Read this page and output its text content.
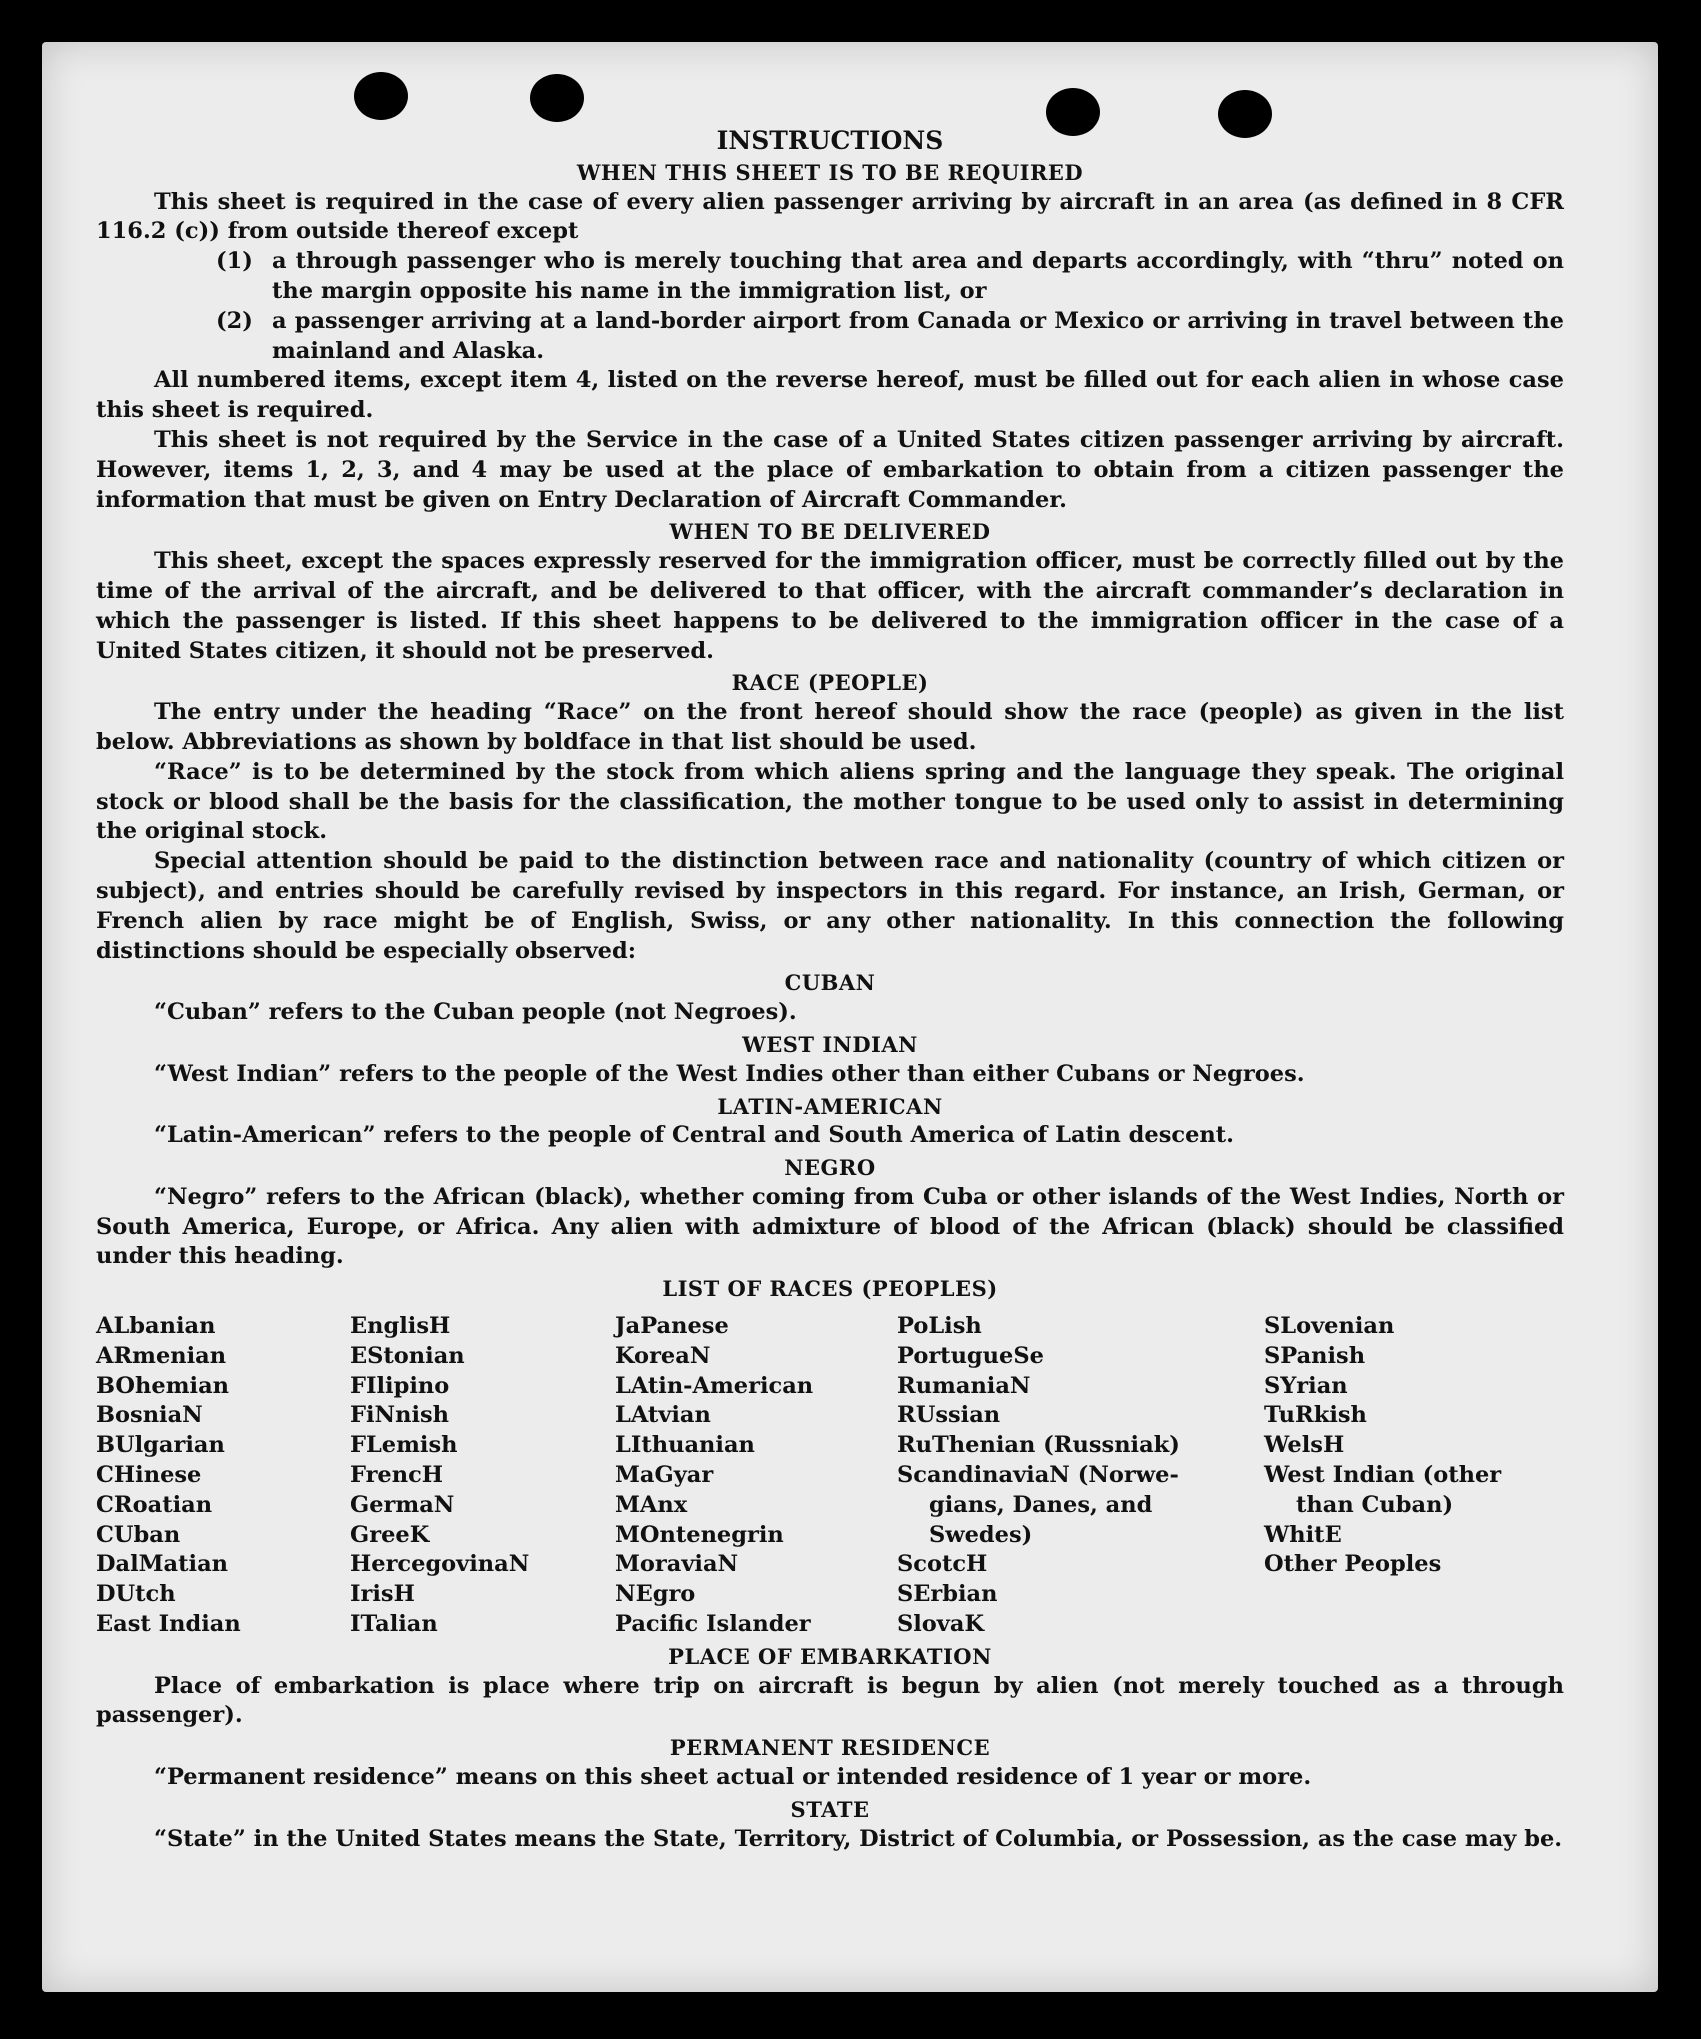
INSTRUCTIONS
WHEN THIS SHEET IS TO BE REQUIRED

This sheet is required in the case of every alien passenger arriving by aircraft in an area (as defined in 8 CFR 116.2 (c)) from outside thereof except

(1) a through passenger who is merely touching that area and departs accordingly, with “thru” noted on the margin opposite his name in the immigration list, or
(2) a passenger arriving at a land-border airport from Canada or Mexico or arriving in travel between the mainland and Alaska.

All numbered items, except item 4, listed on the reverse hereof, must be filled out for each alien in whose case this sheet is required.

This sheet is not required by the Service in the case of a United States citizen passenger arriving by aircraft. However, items 1, 2, 3, and 4 may be used at the place of embarkation to obtain from a citizen passenger the information that must be given on Entry Declaration of Aircraft Commander.

WHEN TO BE DELIVERED

This sheet, except the spaces expressly reserved for the immigration officer, must be correctly filled out by the time of the arrival of the aircraft, and be delivered to that officer, with the aircraft commander’s declaration in which the passenger is listed. If this sheet happens to be delivered to the immigration officer in the case of a United States citizen, it should not be preserved.

RACE (PEOPLE)

The entry under the heading “Race” on the front hereof should show the race (people) as given in the list below. Abbreviations as shown by boldface in that list should be used.

“Race” is to be determined by the stock from which aliens spring and the language they speak. The original stock or blood shall be the basis for the classification, the mother tongue to be used only to assist in determining the original stock.

Special attention should be paid to the distinction between race and nationality (country of which citizen or subject), and entries should be carefully revised by inspectors in this regard. For instance, an Irish, German, or French alien by race might be of English, Swiss, or any other nationality. In this connection the following distinctions should be especially observed:

CUBAN

“Cuban” refers to the Cuban people (not Negroes).

WEST INDIAN

“West Indian” refers to the people of the West Indies other than either Cubans or Negroes.

LATIN-AMERICAN

“Latin-American” refers to the people of Central and South America of Latin descent.

NEGRO

“Negro” refers to the African (black), whether coming from Cuba or other islands of the West Indies, North or South America, Europe, or Africa. Any alien with admixture of blood of the African (black) should be classified under this heading.

LIST OF RACES (PEOPLES)
ALbanian
ARmenian
BOhemian
BosniaN
BUlgarian
CHinese
CRoatian
CUban
DalMatian
DUtch
East Indian
EnglisH
EStonian
FIlipino
FiNnish
FLemish
FrencH
GermaN
GreeK
HercegovinaN
IrisH
ITalian
JaPanese
KoreaN
LAtin-American
LAtvian
LIthuanian
MaGyar
MAnx
MOntenegrin
MoraviaN
NEgro
Pacific Islander
PoLish
PortugueSe
RumaniaN
RUssian
RuThenian (Russniak)
ScandinaviaN (Norwe-
gians, Danes, and
Swedes)
ScotcH
SErbian
SlovaK
SLovenian
SPanish
SYrian
TuRkish
WelsH
West Indian (other
than Cuban)
WhitE
Other Peoples
PLACE OF EMBARKATION

Place of embarkation is place where trip on aircraft is begun by alien (not merely touched as a through passenger).

PERMANENT RESIDENCE

“Permanent residence” means on this sheet actual or intended residence of 1 year or more.

STATE

“State” in the United States means the State, Territory, District of Columbia, or Possession, as the case may be.
